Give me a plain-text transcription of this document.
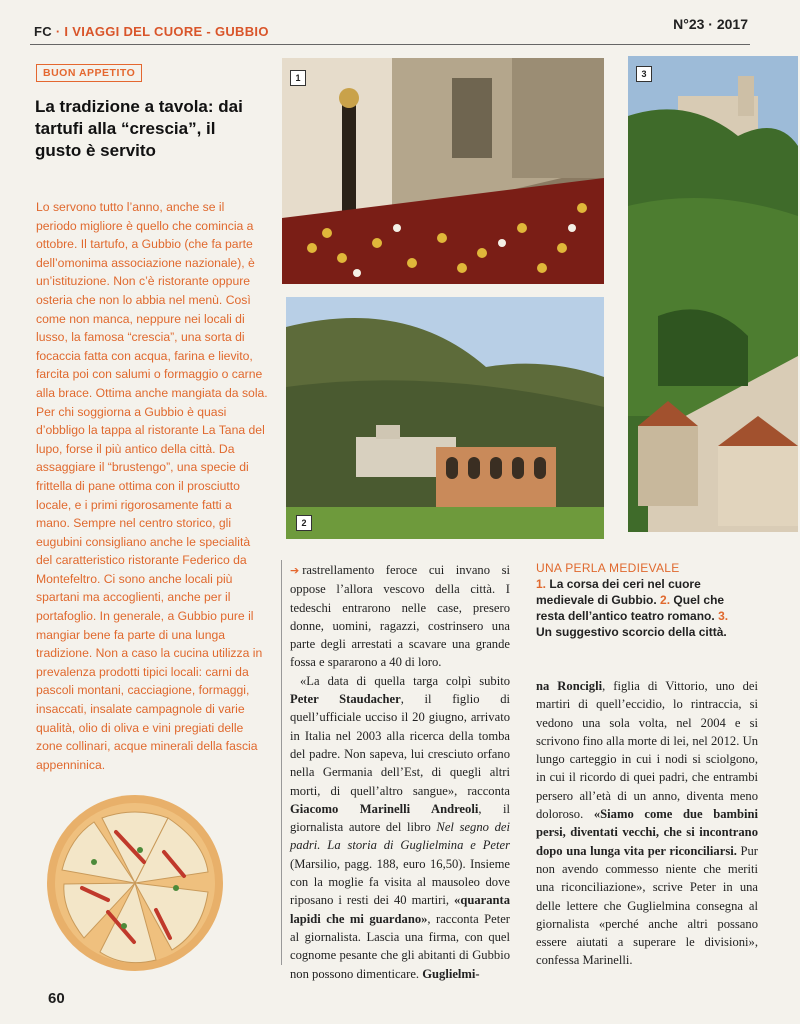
FC · I VIAGGI DEL CUORE - GUBBIO	N°23 · 2017
BUON APPETITO
La tradizione a tavola: dai tartufi alla “crescia”, il gusto è servito
Lo servono tutto l’anno, anche se il periodo migliore è quello che comincia a ottobre. Il tartufo, a Gubbio (che fa parte dell’omonima associazione nazionale), è un’istituzione. Non c’è ristorante oppure osteria che non lo abbia nel menù. Così come non manca, neppure nei locali di lusso, la famosa “crescia”, una sorta di focaccia fatta con acqua, farina e lievito, farcita poi con salumi o formaggio o carne alla brace. Ottima anche mangiata da sola. Per chi soggiorna a Gubbio è quasi d’obbligo la tappa al ristorante La Tana del lupo, forse il più antico della città. Da assaggiare il “brustengo”, una specie di frittella di pane ottima con il prosciutto locale, e i primi rigorosamente fatti a mano. Sempre nel centro storico, gli eugubini consigliano anche le specialità del caratteristico ristorante Federico da Montefeltro. Ci sono anche locali più spartani ma accoglienti, anche per il portafoglio. In generale, a Gubbio pure il mangiar bene fa parte di una lunga tradizione. Non a caso la cucina utilizza in prevalenza prodotti tipici locali: carni da pascoli montani, cacciagione, formaggi, insaccati, insalate campagnole di varie qualità, olio di oliva e vini pregiati delle zone collinari, acque minerali della fascia appenninica.
1
2
3
UNA PERLA MEDIEVALE
1. La corsa dei ceri nel cuore medievale di Gubbio. 2. Quel che resta dell’antico teatro romano. 3. Un suggestivo scorcio della città.

➔ rastrellamento feroce cui invano si oppose l’allora vescovo della città. I tedeschi entrarono nelle case, presero donne, uomini, ragazzi, costrinsero una parte degli arrestati a scavare una grande fossa e spararono a 40 di loro.

«La data di quella targa colpì subito Peter Staudacher, il figlio di quell’ufficiale ucciso il 20 giugno, arrivato in Italia nel 2003 alla ricerca della tomba del padre. Non sapeva, lui cresciuto orfano nella Germania dell’Est, di quegli altri morti, di quell’altro sangue», racconta Giacomo Marinelli Andreoli, il giornalista autore del libro Nel segno dei padri. La storia di Guglielmina e Peter (Marsilio, pagg. 188, euro 16,50). Insieme con la moglie fa visita al mausoleo dove riposano i resti dei 40 martiri, «quaranta lapidi che mi guardano», racconta Peter al giornalista. Lascia una firma, con quel cognome pesante che gli abitanti di Gubbio non possono dimenticare. Guglielmi-

na Roncigli, figlia di Vittorio, uno dei martiri di quell’eccidio, lo rintraccia, si vedono una sola volta, nel 2004 e si scrivono fino alla morte di lei, nel 2012. Un lungo carteggio in cui i nodi si sciolgono, in cui il ricordo di quei padri, che entrambi persero all’età di un anno, diventa meno doloroso. «Siamo come due bambini persi, diventati vecchi, che si incontrano dopo una lunga vita per riconciliarsi. Pur non avendo commesso niente che meriti una riconciliazione», scrive Peter in una delle lettere che Guglielmina consegna al giornalista «perché anche altri possano essere aiutati a superare le divisioni», confessa Marinelli.

60
